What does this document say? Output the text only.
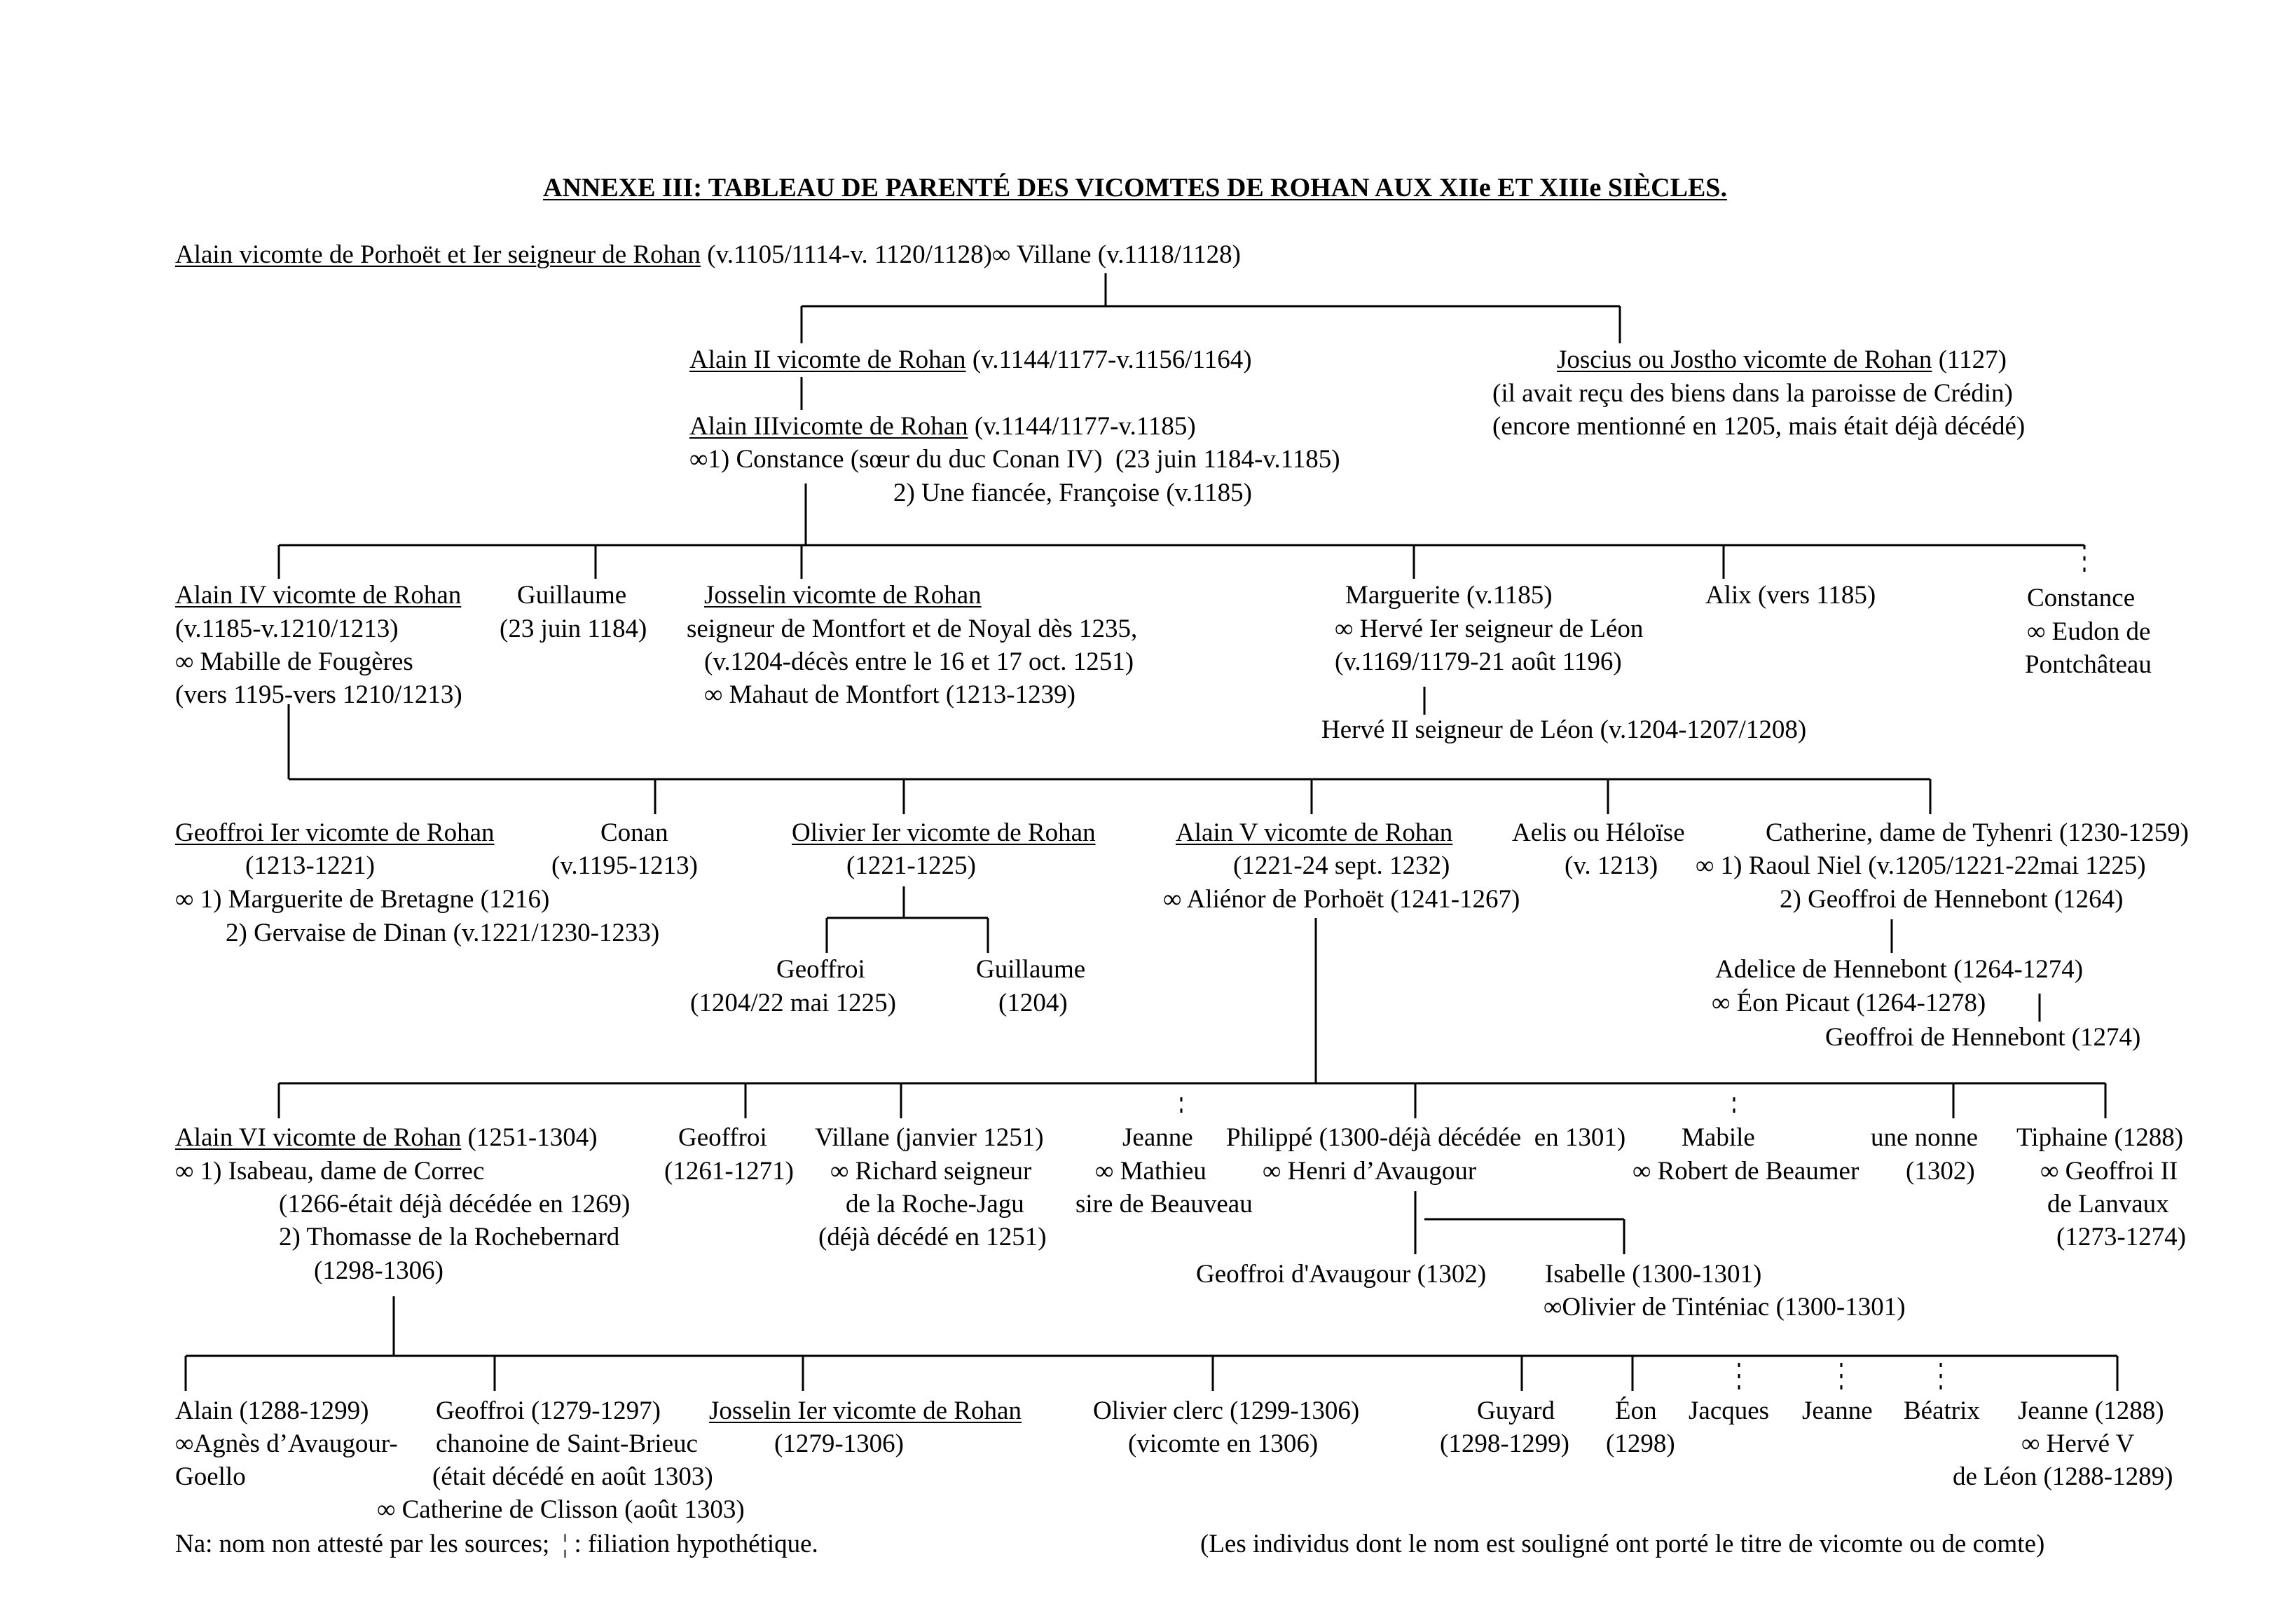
ANNEXE III: TABLEAU DE PARENTÉ DES VICOMTES DE ROHAN AUX XIIe ET XIIIe SIÈCLES.
Alain vicomte de Porhoët et Ier seigneur de Rohan (v.1105/1114-v. 1120/1128)∞ Villane (v.1118/1128)
Alain II vicomte de Rohan (v.1144/1177-v.1156/1164)
Alain IIIvicomte de Rohan (v.1144/1177-v.1185)
∞1) Constance (sœur du duc Conan IV)  (23 juin 1184-v.1185)
2) Une fiancée, Françoise (v.1185)
Joscius ou Jostho vicomte de Rohan (1127)
(il avait reçu des biens dans la paroisse de Crédin)
(encore mentionné en 1205, mais était déjà décédé)
Alain IV vicomte de Rohan
(v.1185-v.1210/1213)
∞ Mabille de Fougères
(vers 1195-vers 1210/1213)
Guillaume
(23 juin 1184)
Josselin vicomte de Rohan
seigneur de Montfort et de Noyal dès 1235,
(v.1204-décès entre le 16 et 17 oct. 1251)
∞ Mahaut de Montfort (1213-1239)
Marguerite (v.1185)
∞ Hervé Ier seigneur de Léon
(v.1169/1179-21 août 1196)
Hervé II seigneur de Léon (v.1204-1207/1208)
Alix (vers 1185)	Constance
∞ Eudon de
Pontchâteau
Geoffroi Ier vicomte de Rohan
(1213-1221)
∞ 1) Marguerite de Bretagne (1216)
2) Gervaise de Dinan (v.1221/1230-1233)
Conan
(v.1195-1213)
Olivier Ier vicomte de Rohan
(1221-1225)
Geoffroi
(1204/22 mai 1225)
Guillaume
(1204)
Alain V vicomte de Rohan
(1221-24 sept. 1232)
∞ Aliénor de Porhoët (1241-1267)
Aelis ou Héloïse
(v. 1213)
Catherine, dame de Tyhenri (1230-1259)
∞ 1) Raoul Niel (v.1205/1221-22mai 1225)
2) Geoffroi de Hennebont (1264)
Adelice de Hennebont (1264-1274)
∞ Éon Picaut (1264-1278)
Geoffroi de Hennebont (1274)
Alain VI vicomte de Rohan (1251-1304)
∞ 1) Isabeau, dame de Correc
(1266-était déjà décédée en 1269)
2) Thomasse de la Rochebernard
(1298-1306)
Geoffroi
(1261-1271)
Villane (janvier 1251)
∞ Richard seigneur
de la Roche-Jagu
(déjà décédé en 1251)
Jeanne
∞ Mathieu
sire de Beauveau
Philippé (1300-déjà décédée  en 1301)
∞ Henri d’Avaugour
Geoffroi d'Avaugour (1302) Isabelle (1300-1301)
∞Olivier de Tinténiac (1300-1301)
Mabile
∞ Robert de Beaumer
une nonne
(1302)
Tiphaine (1288)
∞ Geoffroi II
de Lanvaux
(1273-1274)
Alain (1288-1299)
∞Agnès d’Avaugour-
Goello
Geoffroi (1279-1297)
chanoine de Saint-Brieuc
(était décédé en août 1303)
∞ Catherine de Clisson (août 1303)
Josselin Ier vicomte de Rohan
(1279-1306)
Olivier clerc (1299-1306)
(vicomte en 1306)
Guyard
(1298-1299)
Éon
(1298)
Jacques Jeanne Béatrix Jeanne (1288)
∞ Hervé V
de Léon (1288-1289)
Na: nom non attesté par les sources;  ¦ : filiation hypothétique.	(Les individus dont le nom est souligné ont porté le titre de vicomte ou de comte)
